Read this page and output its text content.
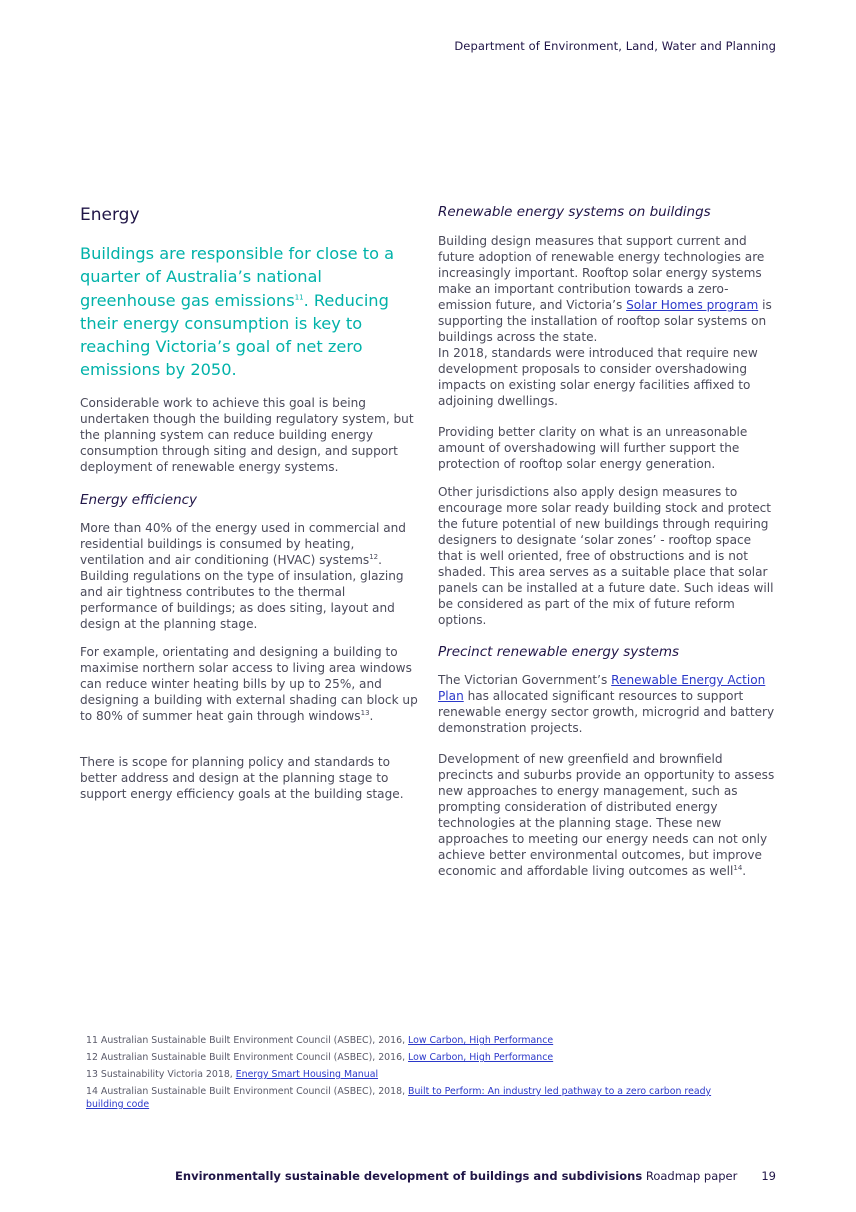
Department of Environment, Land, Water and Planning
Energy
Buildings are responsible for close to a quarter of Australia’s national greenhouse gas emissions$^{11}$. Reducing their energy consumption is key to reaching Victoria’s goal of net zero emissions by 2050.
Considerable work to achieve this goal is being undertaken though the building regulatory system, but the planning system can reduce building energy consumption through siting and design, and support deployment of renewable energy systems.
Energy efficiency
More than 40% of the energy used in commercial and residential buildings is consumed by heating, ventilation and air conditioning (HVAC) systems$^{12}$. Building regulations on the type of insulation, glazing and air tightness contributes to the thermal performance of buildings; as does siting, layout and design at the planning stage.
For example, orientating and designing a building to maximise northern solar access to living area windows can reduce winter heating bills by up to 25%, and designing a building with external shading can block up to 80% of summer heat gain through windows$^{13}$.
There is scope for planning policy and standards to better address and design at the planning stage to support energy efficiency goals at the building stage.
Renewable energy systems on buildings
Building design measures that support current and future adoption of renewable energy technologies are increasingly important. Rooftop solar energy systems make an important contribution towards a zero-emission future, and Victoria’s Solar Homes program is supporting the installation of rooftop solar systems on buildings across the state.
In 2018, standards were introduced that require new development proposals to consider overshadowing impacts on existing solar energy facilities affixed to adjoining dwellings.
Providing better clarity on what is an unreasonable amount of overshadowing will further support the protection of rooftop solar energy generation.
Other jurisdictions also apply design measures to encourage more solar ready building stock and protect the future potential of new buildings through requiring designers to designate ‘solar zones’ - rooftop space that is well oriented, free of obstructions and is not shaded. This area serves as a suitable place that solar panels can be installed at a future date. Such ideas will be considered as part of the mix of future reform options.
Precinct renewable energy systems
The Victorian Government’s Renewable Energy Action Plan has allocated significant resources to support renewable energy sector growth, microgrid and battery demonstration projects.
Development of new greenfield and brownfield precincts and suburbs provide an opportunity to assess new approaches to energy management, such as prompting consideration of distributed energy technologies at the planning stage. These new approaches to meeting our energy needs can not only achieve better environmental outcomes, but improve economic and affordable living outcomes as well$^{14}$.
11 Australian Sustainable Built Environment Council (ASBEC), 2016, Low Carbon, High Performance
12 Australian Sustainable Built Environment Council (ASBEC), 2016, Low Carbon, High Performance
13 Sustainability Victoria 2018, Energy Smart Housing Manual
14 Australian Sustainable Built Environment Council (ASBEC), 2018, Built to Perform: An industry led pathway to a zero carbon ready building code
Environmentally sustainable development of buildings and subdivisions Roadmap paper 19
